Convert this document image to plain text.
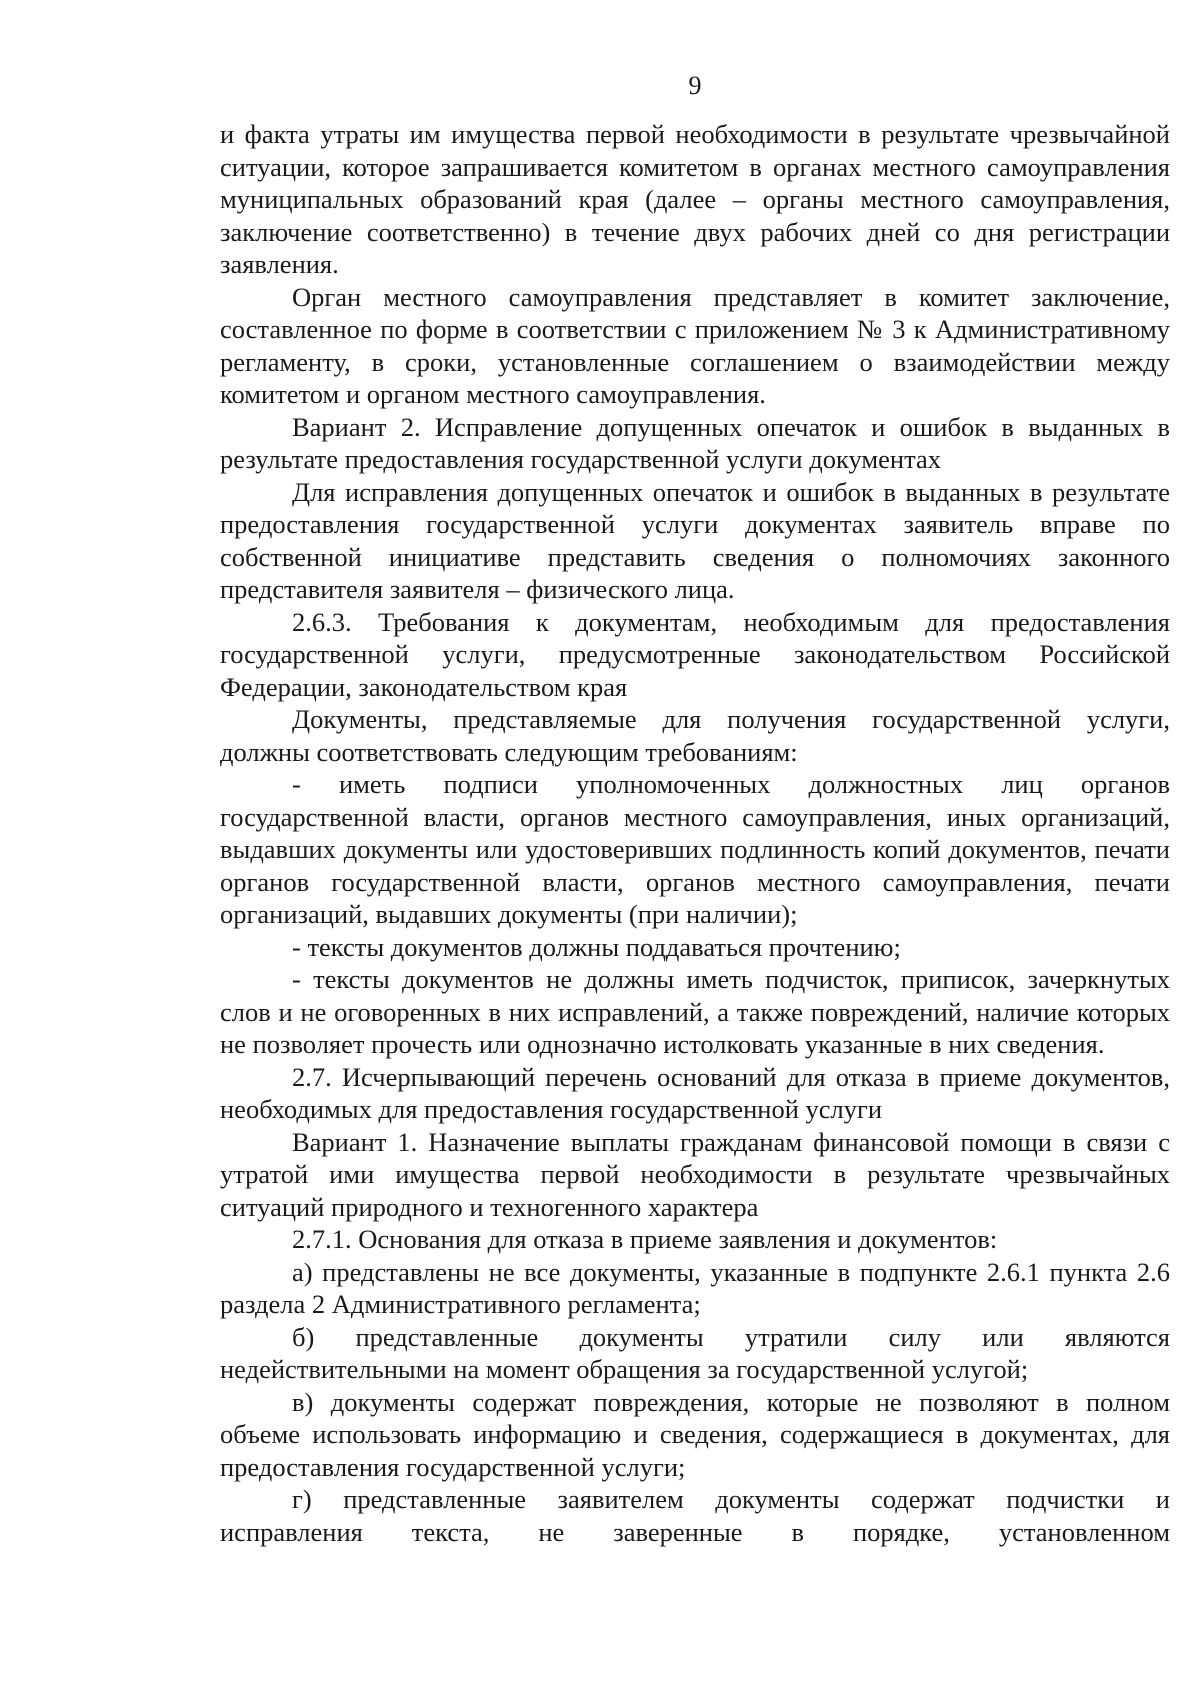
9

и факта утраты им имущества первой необходимости в результате чрезвычайной ситуации, которое запрашивается комитетом в органах местного самоуправления муниципальных образований края (далее – органы местного самоуправления, заключение соответственно) в течение двух рабочих дней со дня регистрации заявления.

Орган местного самоуправления представляет в комитет заключение, составленное по форме в соответствии с приложением № 3 к Административному регламенту, в сроки, установленные соглашением о взаимодействии между комитетом и органом местного самоуправления.

Вариант 2. Исправление допущенных опечаток и ошибок в выданных в результате предоставления государственной услуги документах

Для исправления допущенных опечаток и ошибок в выданных в результате предоставления государственной услуги документах заявитель вправе по собственной инициативе представить сведения о полномочиях законного представителя заявителя – физического лица.

2.6.3. Требования к документам, необходимым для предоставления государственной услуги, предусмотренные законодательством Российской Федерации, законодательством края

Документы, представляемые для получения государственной услуги, должны соответствовать следующим требованиям:

- иметь подписи уполномоченных должностных лиц органов государственной власти, органов местного самоуправления, иных организаций, выдавших документы или удостоверивших подлинность копий документов, печати органов государственной власти, органов местного самоуправления, печати организаций, выдавших документы (при наличии);

- тексты документов должны поддаваться прочтению;

- тексты документов не должны иметь подчисток, приписок, зачеркнутых слов и не оговоренных в них исправлений, а также повреждений, наличие которых не позволяет прочесть или однозначно истолковать указанные в них сведения.

2.7. Исчерпывающий перечень оснований для отказа в приеме документов, необходимых для предоставления государственной услуги

Вариант 1. Назначение выплаты гражданам финансовой помощи в связи с утратой ими имущества первой необходимости в результате чрезвычайных ситуаций природного и техногенного характера

2.7.1. Основания для отказа в приеме заявления и документов:

а) представлены не все документы, указанные в подпункте 2.6.1 пункта 2.6 раздела 2 Административного регламента;

б) представленные документы утратили силу или являются недействительными на момент обращения за государственной услугой;

в) документы содержат повреждения, которые не позволяют в полном объеме использовать информацию и сведения, содержащиеся в документах, для предоставления государственной услуги;

г) представленные заявителем документы содержат подчистки и исправления текста, не заверенные в порядке, установленном
